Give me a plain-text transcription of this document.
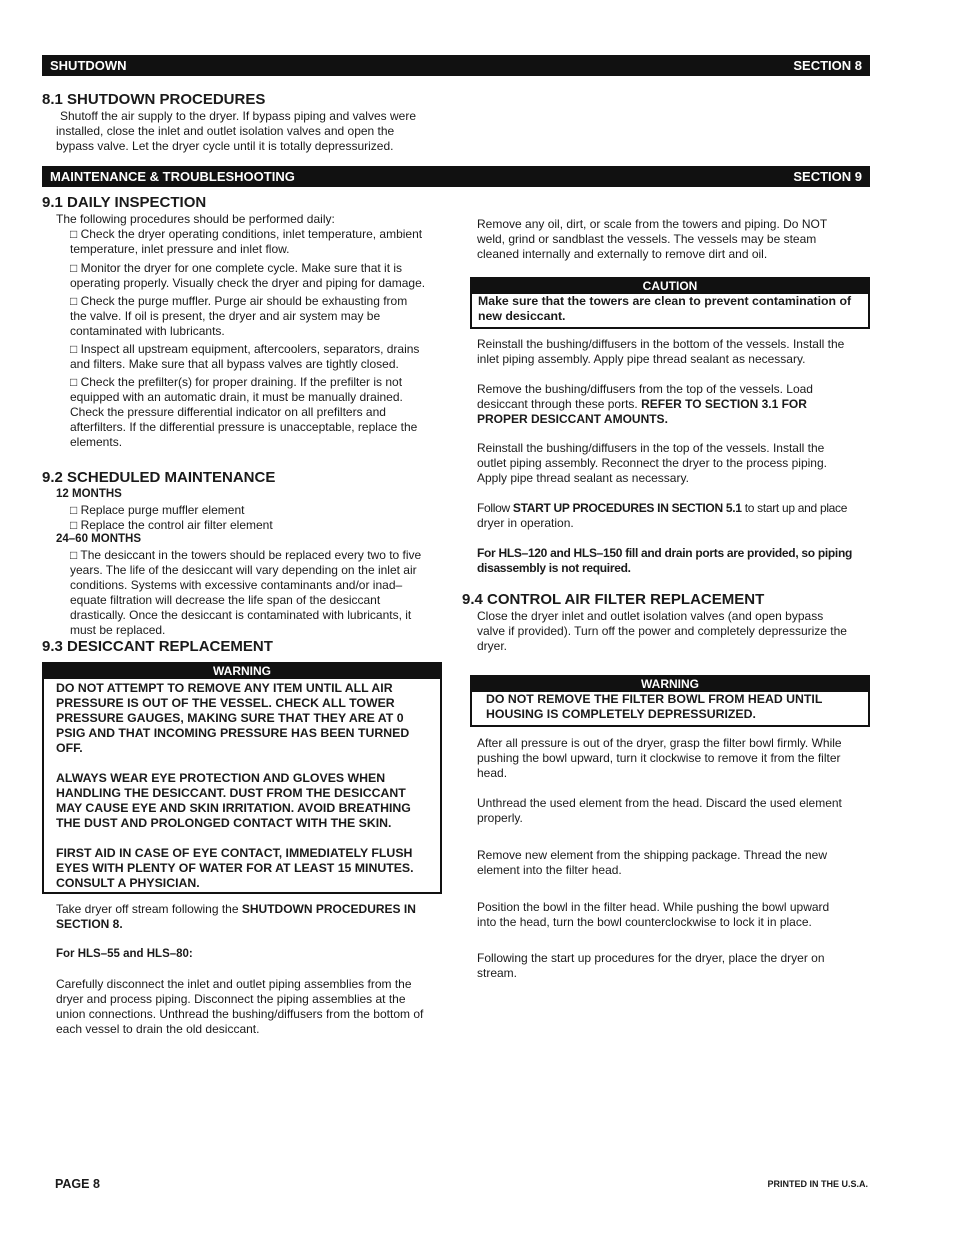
SHUTDOWN	SECTION 8
8.1 SHUTDOWN PROCEDURES
Shutoff the air supply to the dryer. If bypass piping and valves were
installed, close the inlet and outlet isolation valves and open the
bypass valve. Let the dryer cycle until it is totally depressurized.
MAINTENANCE & TROUBLESHOOTING	SECTION 9
9.1 DAILY INSPECTION
The following procedures should be performed daily:
□ Check the dryer operating conditions, inlet temperature, ambient
temperature, inlet pressure and inlet flow.
□ Monitor the dryer for one complete cycle. Make sure that it is
operating properly. Visually check the dryer and piping for damage.
□ Check the purge muffler. Purge air should be exhausting from
the valve. If oil is present, the dryer and air system may be
contaminated with lubricants.
□ Inspect all upstream equipment, aftercoolers, separators, drains
and filters. Make sure that all bypass valves are tightly closed.
□ Check the prefilter(s) for proper draining. If the prefilter is not
equipped with an automatic drain, it must be manually drained.
Check the pressure differential indicator on all prefilters and
afterfilters. If the differential pressure is unacceptable, replace the
elements.
9.2 SCHEDULED MAINTENANCE
12 MONTHS
□ Replace purge muffler element
□ Replace the control air filter element
24–60 MONTHS
□ The desiccant in the towers should be replaced every two to five
years. The life of the desiccant will vary depending on the inlet air
conditions. Systems with excessive contaminants and/or inad–
equate filtration will decrease the life span of the desiccant
drastically. Once the desiccant is contaminated with lubricants, it
must be replaced.
9.3 DESICCANT REPLACEMENT
WARNING

DO NOT ATTEMPT TO REMOVE ANY ITEM UNTIL ALL AIR
PRESSURE IS OUT OF THE VESSEL. CHECK ALL TOWER
PRESSURE GAUGES, MAKING SURE THAT THEY ARE AT 0
PSIG AND THAT INCOMING PRESSURE HAS BEEN TURNED
OFF.

ALWAYS WEAR EYE PROTECTION AND GLOVES WHEN
HANDLING THE DESICCANT. DUST FROM THE DESICCANT
MAY CAUSE EYE AND SKIN IRRITATION. AVOID BREATHING
THE DUST AND PROLONGED CONTACT WITH THE SKIN.

FIRST AID IN CASE OF EYE CONTACT, IMMEDIATELY FLUSH
EYES WITH PLENTY OF WATER FOR AT LEAST 15 MINUTES.
CONSULT A PHYSICIAN.

Take dryer off stream following the SHUTDOWN PROCEDURES IN
SECTION 8.
For HLS–55 and HLS–80:
Carefully disconnect the inlet and outlet piping assemblies from the
dryer and process piping. Disconnect the piping assemblies at the
union connections. Unthread the bushing/diffusers from the bottom of
each vessel to drain the old desiccant.
Remove any oil, dirt, or scale from the towers and piping. Do NOT
weld, grind or sandblast the vessels. The vessels may be steam
cleaned internally and externally to remove dirt and oil.
CAUTION
Make sure that the towers are clean to prevent contamination of
new desiccant.
Reinstall the bushing/diffusers in the bottom of the vessels. Install the
inlet piping assembly. Apply pipe thread sealant as necessary.
Remove the bushing/diffusers from the top of the vessels. Load
desiccant through these ports. REFER TO SECTION 3.1 FOR
PROPER DESICCANT AMOUNTS.
Reinstall the bushing/diffusers in the top of the vessels. Install the
outlet piping assembly. Reconnect the dryer to the process piping.
Apply pipe thread sealant as necessary.
Follow START UP PROCEDURES IN SECTION 5.1 to start up and place
dryer in operation.
For HLS–120 and HLS–150 fill and drain ports are provided, so piping
disassembly is not required.
9.4 CONTROL AIR FILTER REPLACEMENT
Close the dryer inlet and outlet isolation valves (and open bypass
valve if provided). Turn off the power and completely depressurize the
dryer.
WARNING
DO NOT REMOVE THE FILTER BOWL FROM HEAD UNTIL
HOUSING IS COMPLETELY DEPRESSURIZED.
After all pressure is out of the dryer, grasp the filter bowl firmly. While
pushing the bowl upward, turn it clockwise to remove it from the filter
head.
Unthread the used element from the head. Discard the used element
properly.
Remove new element from the shipping package. Thread the new
element into the filter head.
Position the bowl in the filter head. While pushing the bowl upward
into the head, turn the bowl counterclockwise to lock it in place.
Following the start up procedures for the dryer, place the dryer on
stream.
PAGE 8	PRINTED IN THE U.S.A.
